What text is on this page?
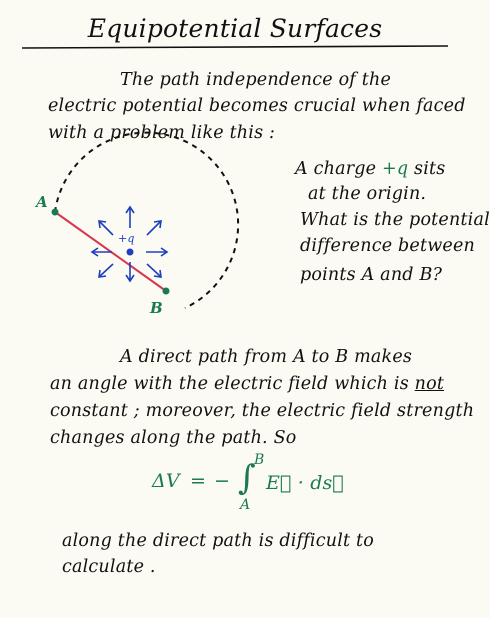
Equipotential Surfaces
The path independence of the
electric potential becomes crucial when faced
with a problem like this :
A charge +q sits
at the origin.
What is the potential
difference between
points A and B?
A
B
+q
A direct path from A to B makes
an angle with the electric field which is not
constant ; moreover, the electric field strength
changes along the path. So
ΔV = − ∫
B
A
E⃗ · ds⃗
along the direct path is difficult to
calculate .
